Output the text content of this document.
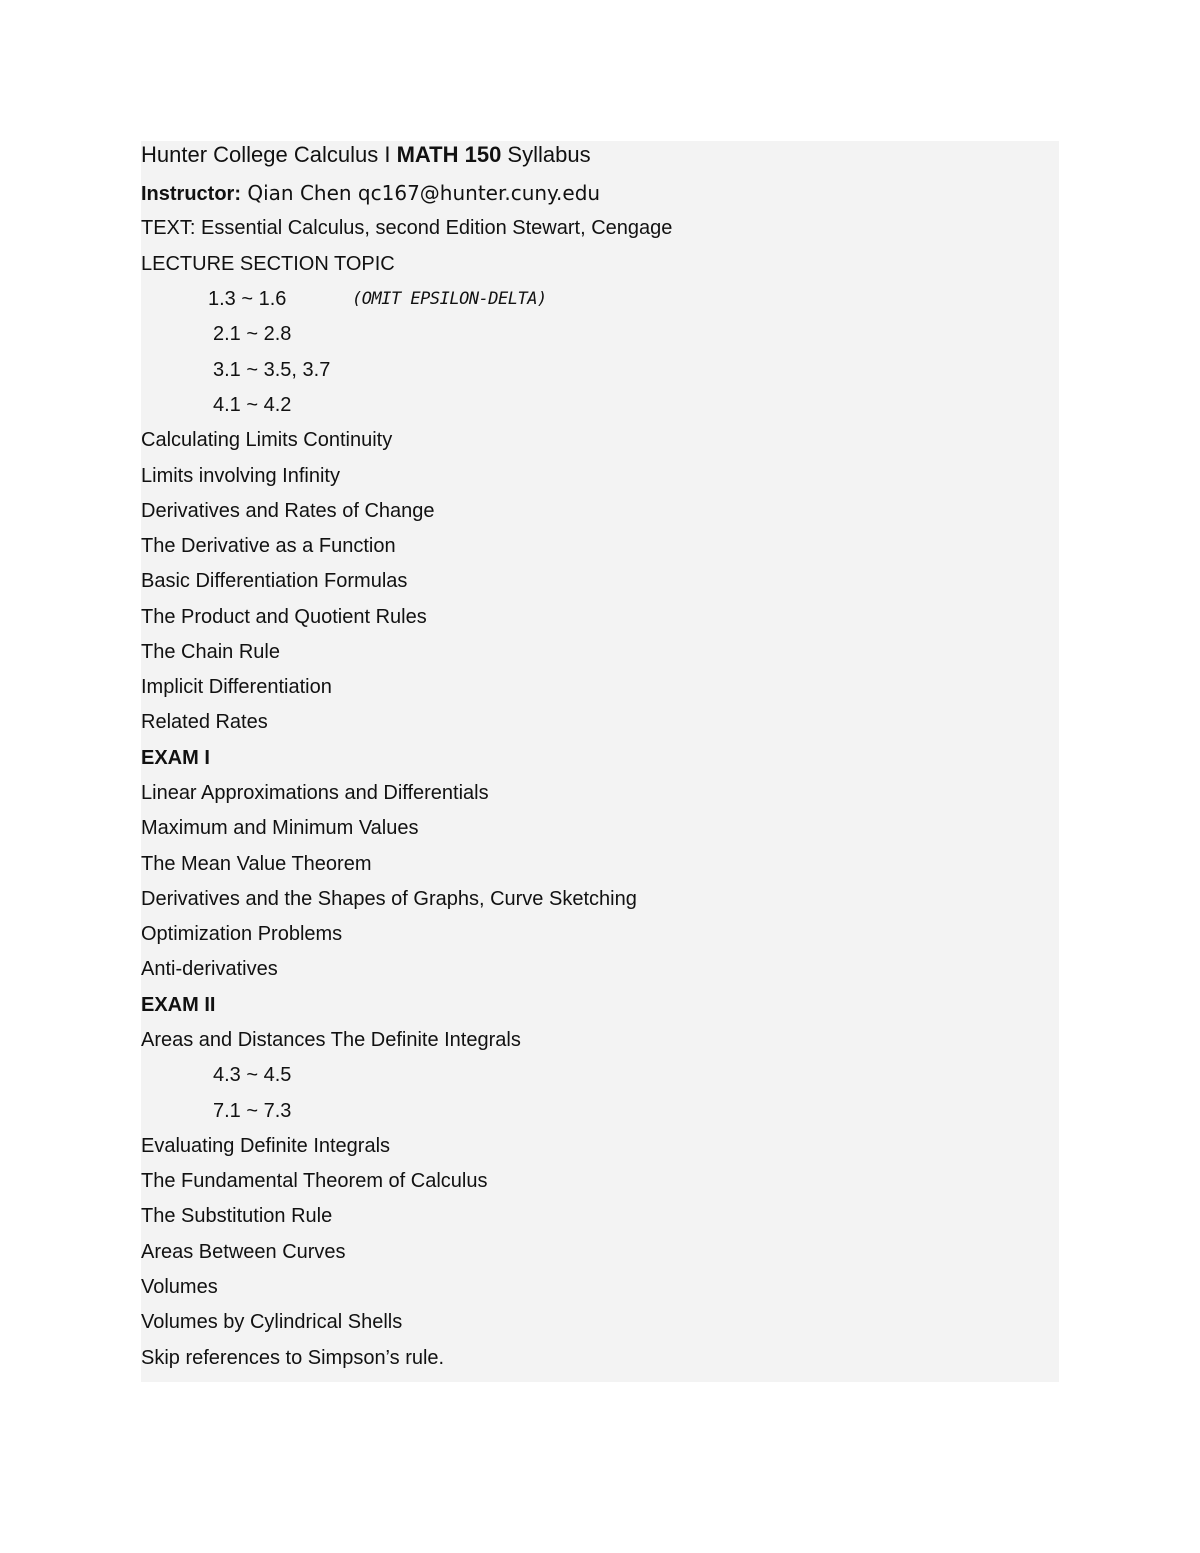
Hunter College Calculus I MATH 150 Syllabus
Instructor: Qian Chen qc167@hunter.cuny.edu
TEXT: Essential Calculus, second Edition Stewart, Cengage
LECTURE SECTION TOPIC
1.3 ~ 1.6	(OMIT EPSILON-DELTA)
2.1 ~ 2.8
3.1 ~ 3.5, 3.7
4.1 ~ 4.2
Calculating Limits Continuity
Limits involving Infinity
Derivatives and Rates of Change
The Derivative as a Function
Basic Differentiation Formulas
The Product and Quotient Rules
The Chain Rule
Implicit Differentiation
Related Rates
EXAM I
Linear Approximations and Differentials
Maximum and Minimum Values
The Mean Value Theorem
Derivatives and the Shapes of Graphs, Curve Sketching
Optimization Problems
Anti-derivatives
EXAM II
Areas and Distances The Definite Integrals
4.3 ~ 4.5
7.1 ~ 7.3
Evaluating Definite Integrals
The Fundamental Theorem of Calculus
The Substitution Rule
Areas Between Curves
Volumes
Volumes by Cylindrical Shells
Skip references to Simpson’s rule.
